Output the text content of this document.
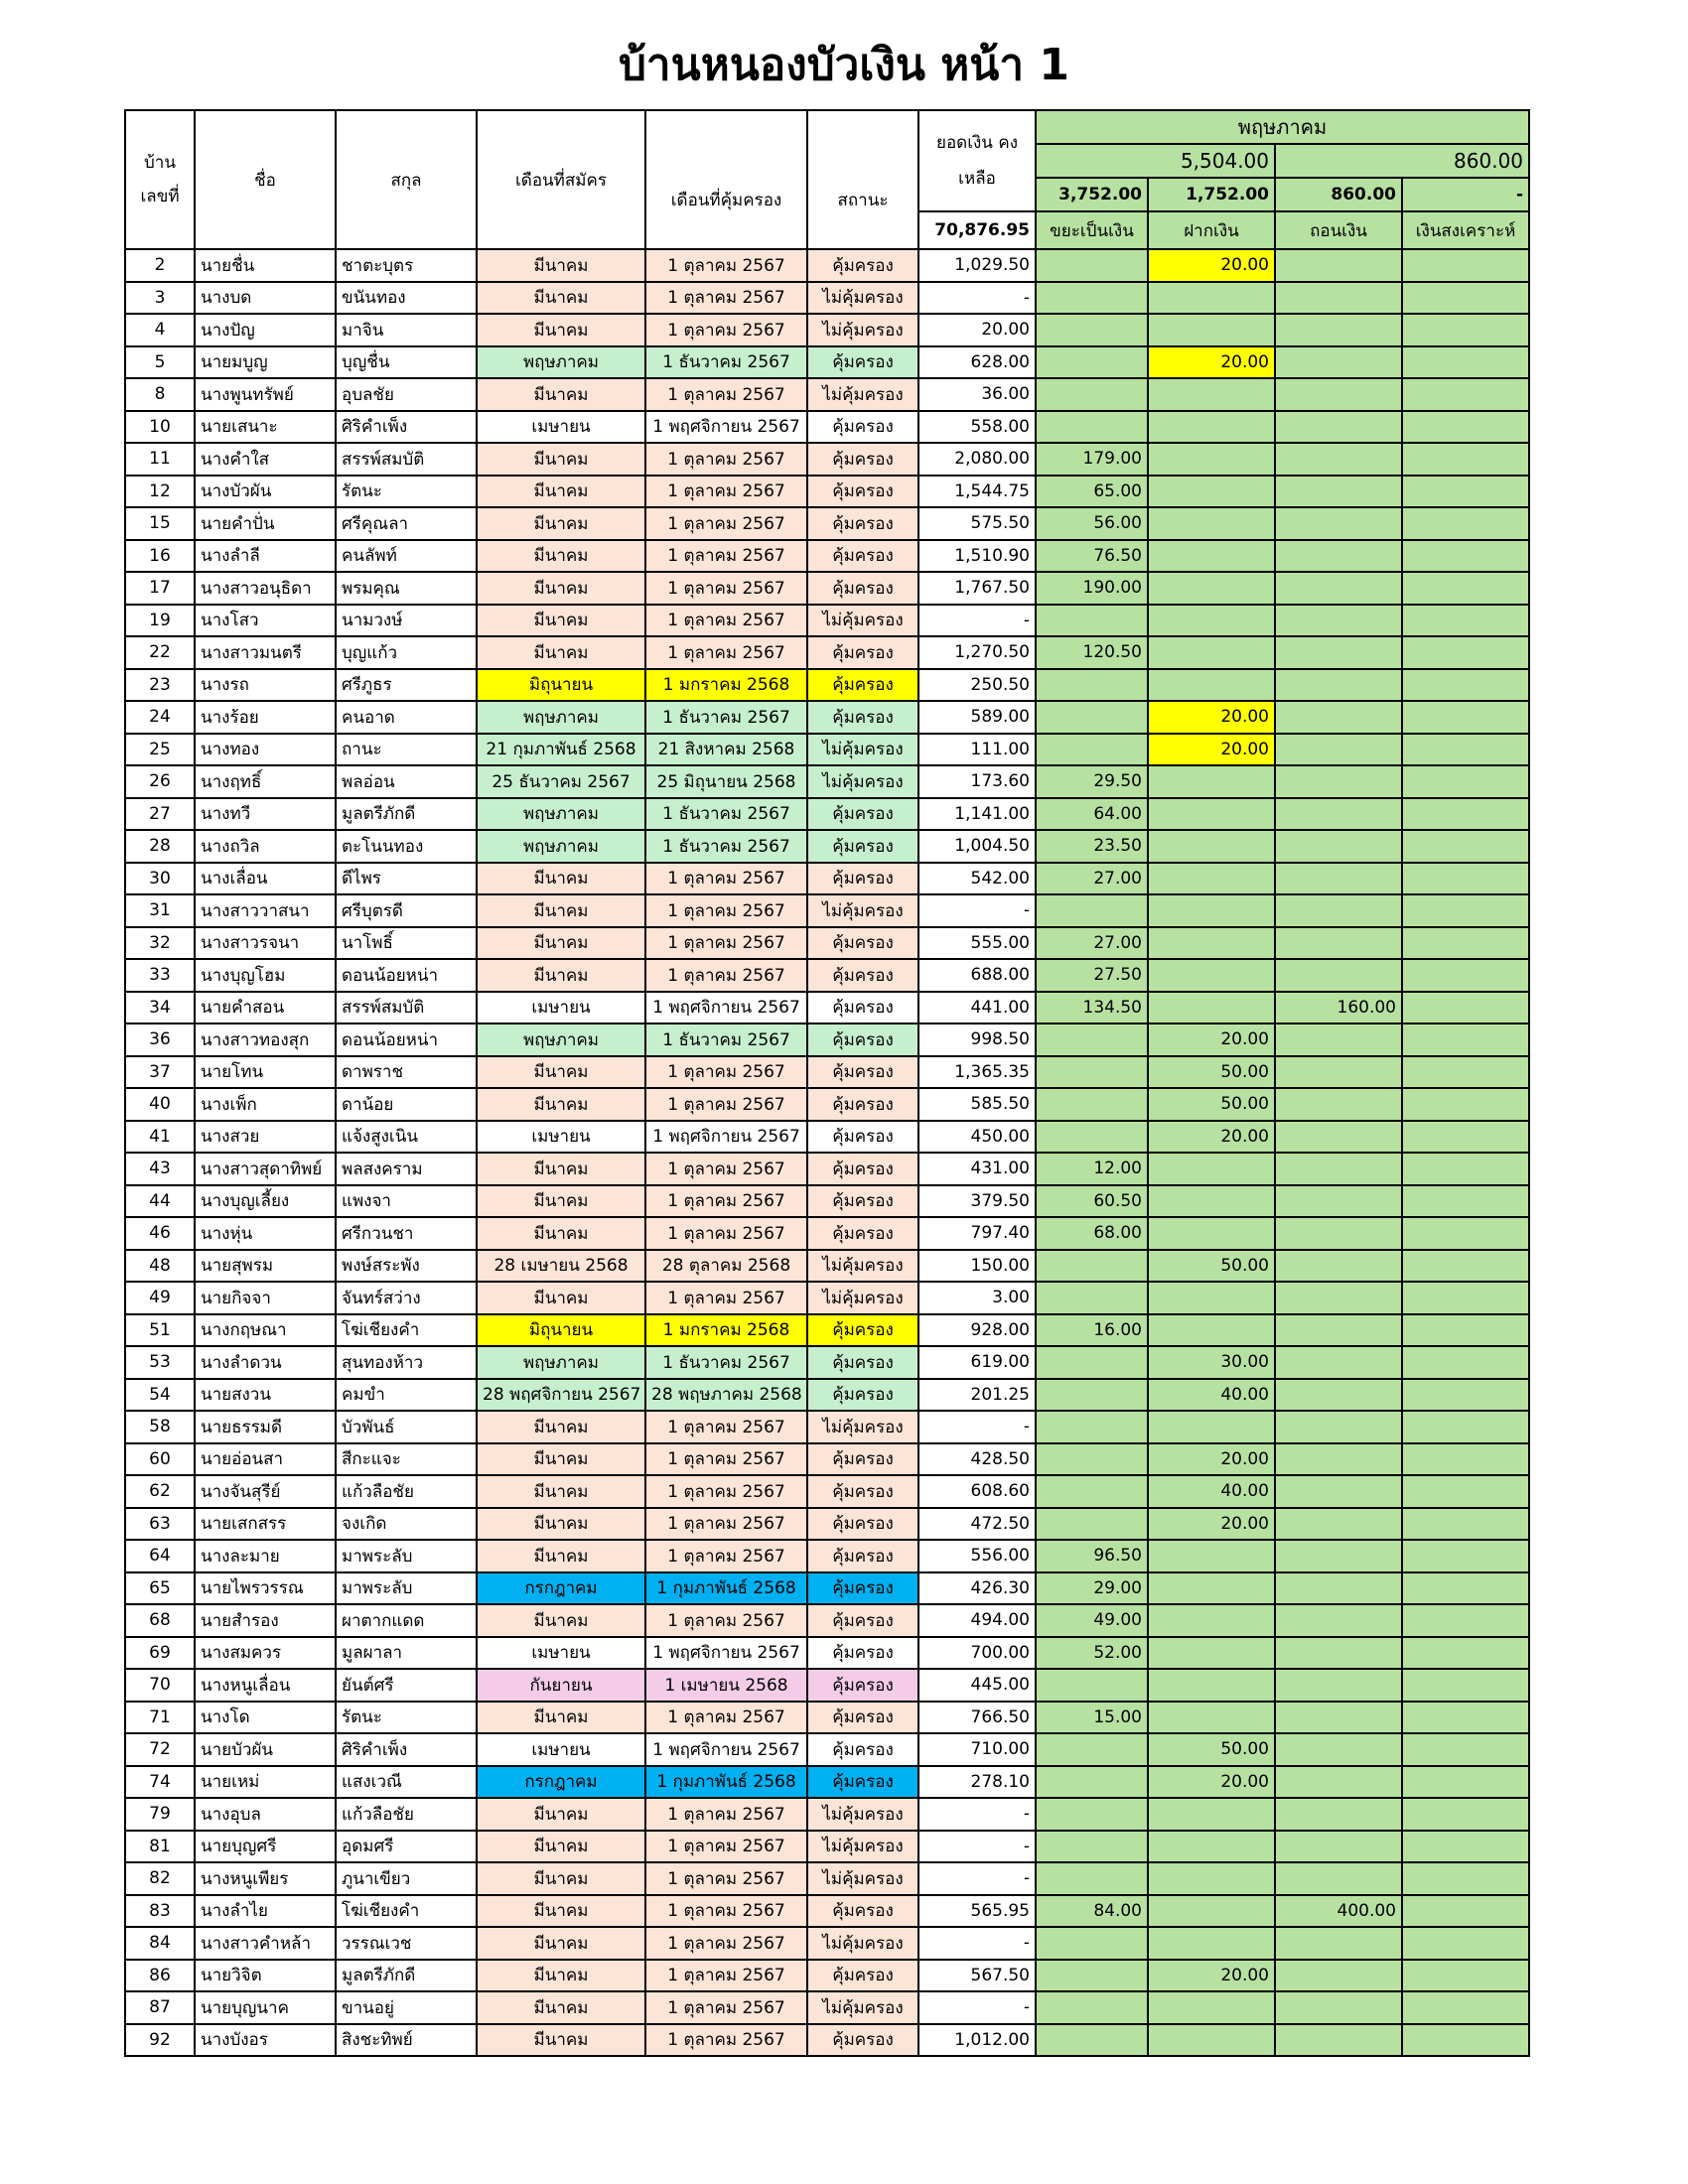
บ้านหนองบัวเงิน หน้า 1
บ้าน เลขที่	ชื่อ	สกุล	เดือนที่สมัคร	เดือนที่คุ้มครอง	สถานะ	ยอดเงิน คงเหลือ	พฤษภาคม			
							5,504.00		860.00	
							3,752.00	1,752.00	860.00	-
						70,876.95	ขยะเป็นเงิน	ฝากเงิน	ถอนเงิน	เงินสงเคราะห์
2	นายชื่น	ชาตะบุตร	มีนาคม	1 ตุลาคม 2567	คุ้มครอง	1,029.50		20.00		
3	นางบด	ขนันทอง	มีนาคม	1 ตุลาคม 2567	ไม่คุ้มครอง	-				
4	นางปัญ	มาจิน	มีนาคม	1 ตุลาคม 2567	ไม่คุ้มครอง	20.00				
5	นายมบูญ	บุญชื่น	พฤษภาคม	1 ธันวาคม 2567	คุ้มครอง	628.00		20.00		
8	นางพูนทรัพย์	อุบลชัย	มีนาคม	1 ตุลาคม 2567	ไม่คุ้มครอง	36.00				
10	นายเสนาะ	ศิริคำเพ็ง	เมษายน	1 พฤศจิกายน 2567	คุ้มครอง	558.00				
11	นางคำใส	สรรพ์สมบัติ	มีนาคม	1 ตุลาคม 2567	คุ้มครอง	2,080.00	179.00			
12	นางบัวผัน	รัตนะ	มีนาคม	1 ตุลาคม 2567	คุ้มครอง	1,544.75	65.00			
15	นายคำปั่น	ศรีคุณลา	มีนาคม	1 ตุลาคม 2567	คุ้มครอง	575.50	56.00			
16	นางลำลี	คนลัพท์	มีนาคม	1 ตุลาคม 2567	คุ้มครอง	1,510.90	76.50			
17	นางสาวอนุธิดา	พรมคุณ	มีนาคม	1 ตุลาคม 2567	คุ้มครอง	1,767.50	190.00			
19	นางโสว	นามวงษ์	มีนาคม	1 ตุลาคม 2567	ไม่คุ้มครอง	-				
22	นางสาวมนตรี	บุญแก้ว	มีนาคม	1 ตุลาคม 2567	คุ้มครอง	1,270.50	120.50			
23	นางรถ	ศรีภูธร	มิถุนายน	1 มกราคม 2568	คุ้มครอง	250.50				
24	นางร้อย	คนอาด	พฤษภาคม	1 ธันวาคม 2567	คุ้มครอง	589.00		20.00		
25	นางทอง	ถานะ	21 กุมภาพันธ์ 2568	21 สิงหาคม 2568	ไม่คุ้มครอง	111.00		20.00		
26	นางฤทธิ์	พลอ่อน	25 ธันวาคม 2567	25 มิถุนายน 2568	ไม่คุ้มครอง	173.60	29.50			
27	นางทวี	มูลตรีภักดี	พฤษภาคม	1 ธันวาคม 2567	คุ้มครอง	1,141.00	64.00			
28	นางถวิล	ตะโนนทอง	พฤษภาคม	1 ธันวาคม 2567	คุ้มครอง	1,004.50	23.50			
30	นางเลื่อน	ดีไพร	มีนาคม	1 ตุลาคม 2567	คุ้มครอง	542.00	27.00			
31	นางสาววาสนา	ศรีบุตรดี	มีนาคม	1 ตุลาคม 2567	ไม่คุ้มครอง	-				
32	นางสาวรจนา	นาโพธิ์	มีนาคม	1 ตุลาคม 2567	คุ้มครอง	555.00	27.00			
33	นางบุญโฮม	ดอนน้อยหน่า	มีนาคม	1 ตุลาคม 2567	คุ้มครอง	688.00	27.50			
34	นายคำสอน	สรรพ์สมบัติ	เมษายน	1 พฤศจิกายน 2567	คุ้มครอง	441.00	134.50		160.00	
36	นางสาวทองสุก	ดอนน้อยหน่า	พฤษภาคม	1 ธันวาคม 2567	คุ้มครอง	998.50		20.00		
37	นายโทน	ดาพราช	มีนาคม	1 ตุลาคม 2567	คุ้มครอง	1,365.35		50.00		
40	นางเพ็ก	ดาน้อย	มีนาคม	1 ตุลาคม 2567	คุ้มครอง	585.50		50.00		
41	นางสวย	แจ้งสูงเนิน	เมษายน	1 พฤศจิกายน 2567	คุ้มครอง	450.00		20.00		
43	นางสาวสุดาทิพย์	พลสงคราม	มีนาคม	1 ตุลาคม 2567	คุ้มครอง	431.00	12.00			
44	นางบุญเลี้ยง	แพงจา	มีนาคม	1 ตุลาคม 2567	คุ้มครอง	379.50	60.50			
46	นางหุ่น	ศรีกวนชา	มีนาคม	1 ตุลาคม 2567	คุ้มครอง	797.40	68.00			
48	นายสุพรม	พงษ์สระพัง	28 เมษายน 2568	28 ตุลาคม 2568	ไม่คุ้มครอง	150.00		50.00		
49	นายกิจจา	จันทร์สว่าง	มีนาคม	1 ตุลาคม 2567	ไม่คุ้มครอง	3.00				
51	นางกฤษณา	โฆ่เชียงคำ	มิถุนายน	1 มกราคม 2568	คุ้มครอง	928.00	16.00			
53	นางลำดวน	สุนทองห้าว	พฤษภาคม	1 ธันวาคม 2567	คุ้มครอง	619.00		30.00		
54	นายสงวน	คมขำ	28 พฤศจิกายน 2567	28 พฤษภาคม 2568	คุ้มครอง	201.25		40.00		
58	นายธรรมดี	บัวพันธ์	มีนาคม	1 ตุลาคม 2567	ไม่คุ้มครอง	-				
60	นายอ่อนสา	สีกะแจะ	มีนาคม	1 ตุลาคม 2567	คุ้มครอง	428.50		20.00		
62	นางจันสุรีย์	แก้วลือชัย	มีนาคม	1 ตุลาคม 2567	คุ้มครอง	608.60		40.00		
63	นายเสกสรร	จงเกิด	มีนาคม	1 ตุลาคม 2567	คุ้มครอง	472.50		20.00		
64	นางละมาย	มาพระลับ	มีนาคม	1 ตุลาคม 2567	คุ้มครอง	556.00	96.50			
65	นายไพรวรรณ	มาพระลับ	กรกฎาคม	1 กุมภาพันธ์ 2568	คุ้มครอง	426.30	29.00			
68	นายสำรอง	ผาตากแดด	มีนาคม	1 ตุลาคม 2567	คุ้มครอง	494.00	49.00			
69	นางสมควร	มูลผาลา	เมษายน	1 พฤศจิกายน 2567	คุ้มครอง	700.00	52.00			
70	นางหนูเลื่อน	ยันต์ศรี	กันยายน	1 เมษายน 2568	คุ้มครอง	445.00				
71	นางโด	รัตนะ	มีนาคม	1 ตุลาคม 2567	คุ้มครอง	766.50	15.00			
72	นายบัวผัน	ศิริคำเพ็ง	เมษายน	1 พฤศจิกายน 2567	คุ้มครอง	710.00		50.00		
74	นายเหม่	แสงเวณี	กรกฎาคม	1 กุมภาพันธ์ 2568	คุ้มครอง	278.10		20.00		
79	นางอุบล	แก้วลือชัย	มีนาคม	1 ตุลาคม 2567	ไม่คุ้มครอง	-				
81	นายบุญศรี	อุดมศรี	มีนาคม	1 ตุลาคม 2567	ไม่คุ้มครอง	-				
82	นางหนูเพียร	ภูนาเขียว	มีนาคม	1 ตุลาคม 2567	ไม่คุ้มครอง	-				
83	นางลำไย	โฆ่เชียงคำ	มีนาคม	1 ตุลาคม 2567	คุ้มครอง	565.95	84.00		400.00	
84	นางสาวคำหล้า	วรรณเวช	มีนาคม	1 ตุลาคม 2567	ไม่คุ้มครอง	-				
86	นายวิจิต	มูลตรีภักดี	มีนาคม	1 ตุลาคม 2567	คุ้มครอง	567.50		20.00		
87	นายบุญนาค	ขานอยู่	มีนาคม	1 ตุลาคม 2567	ไม่คุ้มครอง	-				
92	นางบังอร	สิงชะทิพย์	มีนาคม	1 ตุลาคม 2567	คุ้มครอง	1,012.00				
